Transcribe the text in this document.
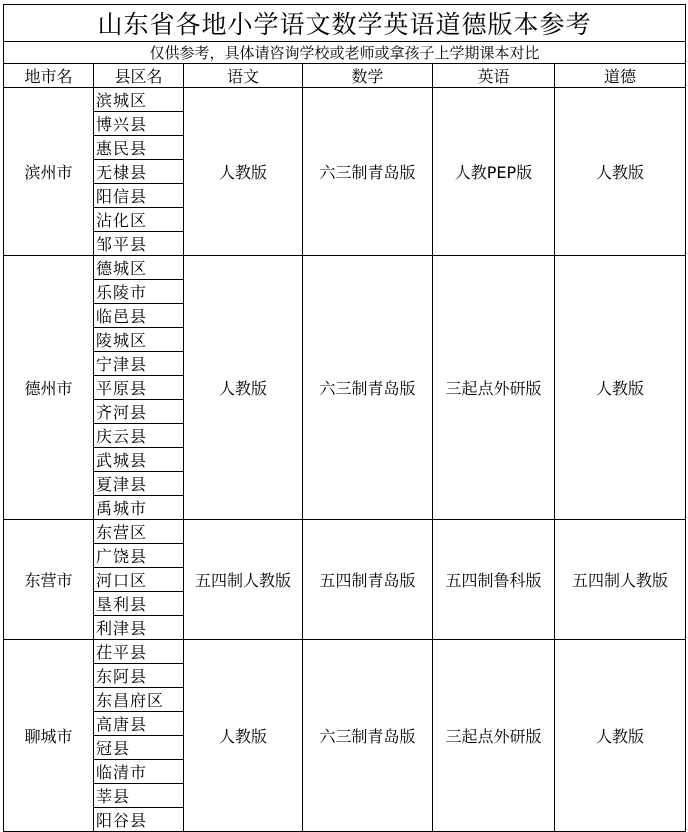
山东省各地小学语文数学英语道德版本参考					
仅供参考，具体请咨询学校或老师或拿孩子上学期课本对比					
地市名	县区名	语文	数学	英语	道德
滨州市	滨城区	人教版	六三制青岛版	人教PEP版	人教版
	博兴县				
	惠民县				
	无棣县				
	阳信县				
	沾化区				
	邹平县				
德州市	德城区	人教版	六三制青岛版	三起点外研版	人教版
	乐陵市				
	临邑县				
	陵城区				
	宁津县				
	平原县				
	齐河县				
	庆云县				
	武城县				
	夏津县				
	禹城市				
东营市	东营区	五四制人教版	五四制青岛版	五四制鲁科版	五四制人教版
	广饶县				
	河口区				
	垦利县				
	利津县				
聊城市	茌平县	人教版	六三制青岛版	三起点外研版	人教版
	东阿县				
	东昌府区				
	高唐县				
	冠县				
	临清市				
	莘县				
	阳谷县				
